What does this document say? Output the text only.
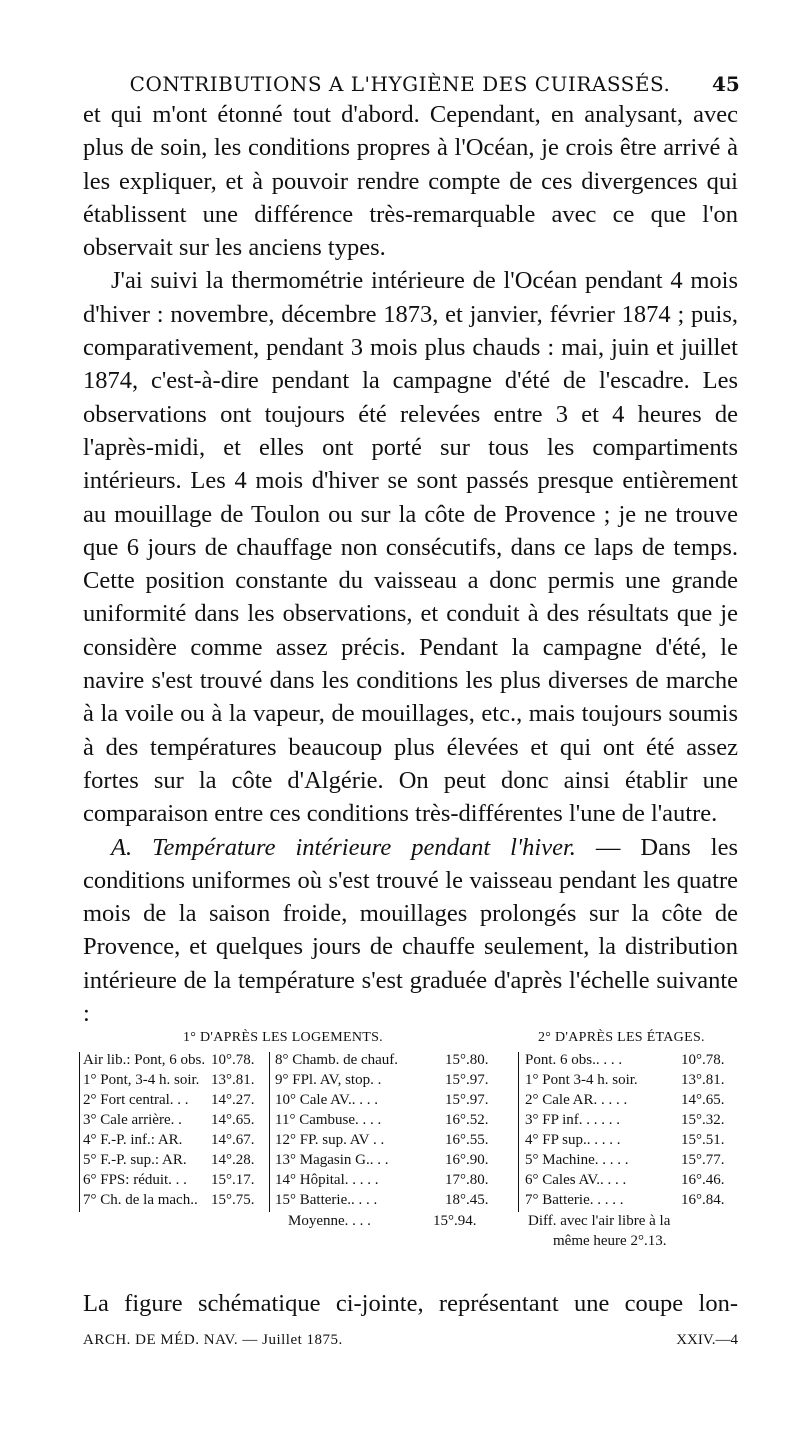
CONTRIBUTIONS A L'HYGIÈNE DES CUIRASSÉS.	45

et qui m'ont étonné tout d'abord. Cependant, en analysant, avec plus de soin, les conditions propres à l'Océan, je crois être arrivé à les expliquer, et à pouvoir rendre compte de ces divergences qui établissent une différence très-remarquable avec ce que l'on observait sur les anciens types.

J'ai suivi la thermométrie intérieure de l'Océan pendant 4 mois d'hiver : novembre, décembre 1873, et janvier, février 1874 ; puis, comparativement, pendant 3 mois plus chauds : mai, juin et juillet 1874, c'est-à-dire pendant la campagne d'été de l'escadre. Les observations ont toujours été relevées entre 3 et 4 heures de l'après-midi, et elles ont porté sur tous les compartiments intérieurs. Les 4 mois d'hiver se sont passés presque entièrement au mouillage de Toulon ou sur la côte de Provence ; je ne trouve que 6 jours de chauffage non consécutifs, dans ce laps de temps. Cette position constante du vaisseau a donc permis une grande uniformité dans les observations, et conduit à des résultats que je considère comme assez précis. Pendant la campagne d'été, le navire s'est trouvé dans les conditions les plus diverses de marche à la voile ou à la vapeur, de mouillages, etc., mais toujours soumis à des températures beaucoup plus élevées et qui ont été assez fortes sur la côte d'Algérie. On peut donc ainsi établir une comparaison entre ces conditions très-différentes l'une de l'autre.

A. Température intérieure pendant l'hiver. — Dans les conditions uniformes où s'est trouvé le vaisseau pendant les quatre mois de la saison froide, mouillages prolongés sur la côte de Provence, et quelques jours de chauffe seulement, la distribution intérieure de la température s'est graduée d'après l'échelle suivante :

1° D'APRÈS LES LOGEMENTS.	2° D'APRÈS LES ÉTAGES.
Air lib.: Pont, 6 obs. 10°.78.
1° Pont, 3-4 h. soir. 13°.81.
2° Fort central. . . 14°.27.
3° Cale arrière. . 14°.65.
4° F.-P. inf.: AR. 14°.67.
5° F.-P. sup.: AR. 14°.28.
6° FPS: réduit. . . 15°.17.
7° Ch. de la mach.. 15°.75.
8° Chamb. de chauf.	15°.80.
9° FPl. AV, stop. .	15°.97.
10° Cale AV.. . . .	15°.97.
11° Cambuse. . . .	16°.52.
12° FP. sup. AV . .	16°.55.
13° Magasin G.. . .	16°.90.
14° Hôpital. . . . .	17°.80.
15° Batterie.. . . .	18°.45.
Pont. 6 obs.. . . .	10°.78.
1° Pont 3-4 h. soir.	13°.81.
2° Cale AR. . . . .	14°.65.
3° FP inf. . . . . .	15°.32.
4° FP sup.. . . . .	15°.51.
5° Machine. . . . .	15°.77.
6° Cales AV.. . . .	16°.46.
7° Batterie. . . . .	16°.84.
Moyenne. . . .	15°.94.	Diff. avec l'air libre à la
même heure 2°.13.
La figure schématique ci-jointe, représentant une coupe lon-
ARCH. DE MÉD. NAV. — Juillet 1875.	XXIV.—4
